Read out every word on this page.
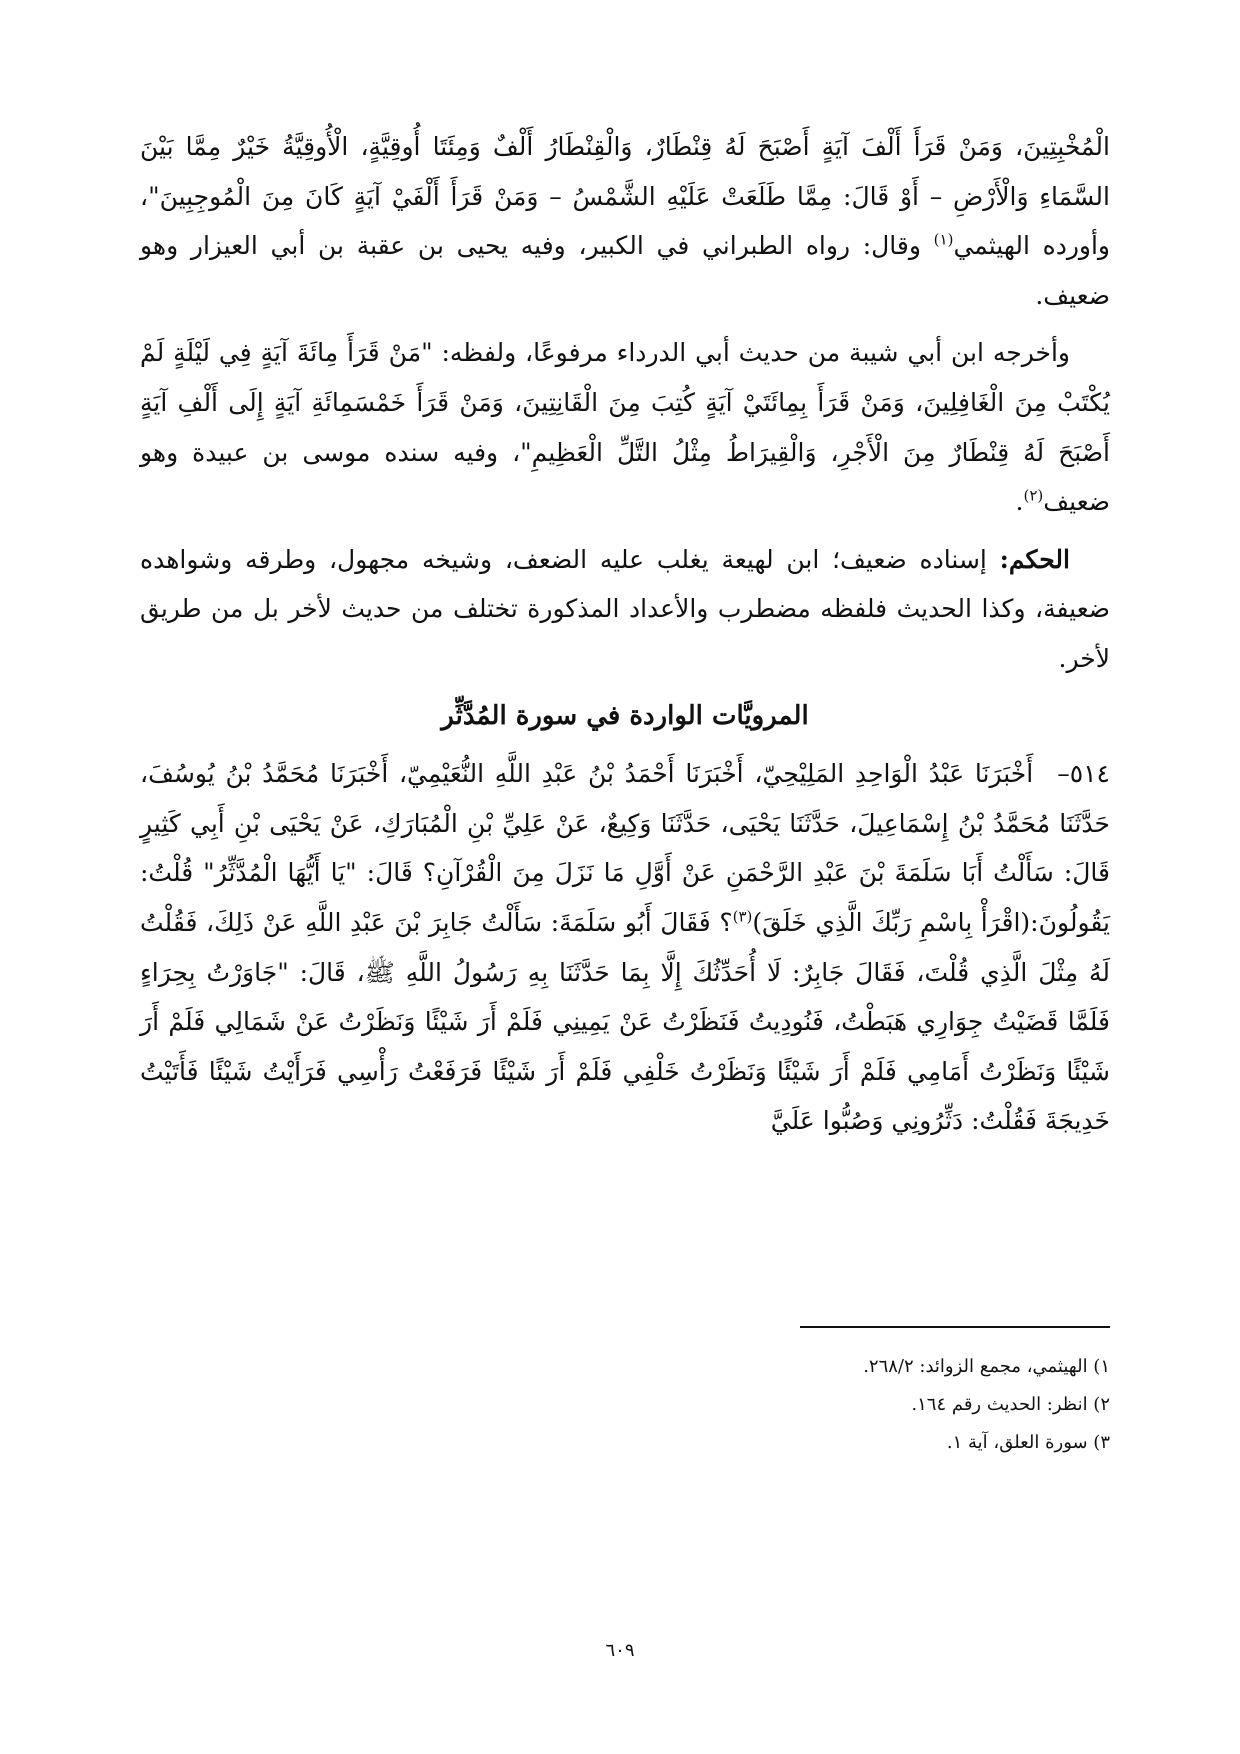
الْمُخْبِتِينَ، وَمَنْ قَرَأَ أَلْفَ آيَةٍ أَصْبَحَ لَهُ قِنْطَارٌ، وَالْقِنْطَارُ أَلْفٌ وَمِئَتَا أُوقِيَّةٍ، الْأُوقِيَّةُ خَيْرٌ مِمَّا بَيْنَ السَّمَاءِ وَالْأَرْضِ – أَوْ قَالَ: مِمَّا طَلَعَتْ عَلَيْهِ الشَّمْسُ – وَمَنْ قَرَأَ أَلْفَيْ آيَةٍ كَانَ مِنَ الْمُوجِبِينَ"، وأورده الهيثمي$^{(١)}$ وقال: رواه الطبراني في الكبير، وفيه يحيى بن عقبة بن أبي العيزار وهو ضعيف.

وأخرجه ابن أبي شيبة من حديث أبي الدرداء مرفوعًا، ولفظه: "مَنْ قَرَأَ مِائَةَ آيَةٍ فِي لَيْلَةٍ لَمْ يُكْتَبْ مِنَ الْغَافِلِينَ، وَمَنْ قَرَأَ بِمِائَتَيْ آيَةٍ كُتِبَ مِنَ الْقَانِتِينَ، وَمَنْ قَرَأَ خَمْسَمِائَةِ آيَةٍ إِلَى أَلْفِ آيَةٍ أَصْبَحَ لَهُ قِنْطَارٌ مِنَ الْأَجْرِ، وَالْقِيرَاطُ مِثْلُ التَّلِّ الْعَظِيمِ"، وفيه سنده موسى بن عبيدة وهو ضعيف$^{(٢)}$.

الحكم: إسناده ضعيف؛ ابن لهيعة يغلب عليه الضعف، وشيخه مجهول، وطرقه وشواهده ضعيفة، وكذا الحديث فلفظه مضطرب والأعداد المذكورة تختلف من حديث لأخر بل من طريق لأخر.

المرويَّات الواردة في سورة المُدَّثِّر

٥١٤–أَخْبَرَنَا عَبْدُ الْوَاحِدِ المَلِيْحِيّ، أَخْبَرَنَا أَحْمَدُ بْنُ عَبْدِ اللَّهِ النُّعَيْمِيّ، أَخْبَرَنَا مُحَمَّدُ بْنُ يُوسُفَ، حَدَّثَنَا مُحَمَّدُ بْنُ إِسْمَاعِيلَ، حَدَّثَنَا يَحْيَى، حَدَّثَنَا وَكِيعٌ، عَنْ عَلِيِّ بْنِ الْمُبَارَكِ، عَنْ يَحْيَى بْنِ أَبِي كَثِيرٍ قَالَ: سَأَلْتُ أَبَا سَلَمَةَ بْنَ عَبْدِ الرَّحْمَنِ عَنْ أَوَّلِ مَا نَزَلَ مِنَ الْقُرْآنِ؟ قَالَ: "يَا أَيُّهَا الْمُدَّثِّرُ" قُلْتُ: يَقُولُونَ:(اقْرَأْ بِاسْمِ رَبِّكَ الَّذِي خَلَقَ)$^{(٣)}$؟ فَقَالَ أَبُو سَلَمَةَ: سَأَلْتُ جَابِرَ بْنَ عَبْدِ اللَّهِ عَنْ ذَلِكَ، فَقُلْتُ لَهُ مِثْلَ الَّذِي قُلْتَ، فَقَالَ جَابِرٌ: لَا أُحَدِّثُكَ إِلَّا بِمَا حَدَّثَنَا بِهِ رَسُولُ اللَّهِ ﷺ، قَالَ: "جَاوَرْتُ بِحِرَاءٍ فَلَمَّا قَضَيْتُ جِوَارِي هَبَطْتُ، فَنُودِيتُ فَنَظَرْتُ عَنْ يَمِينِي فَلَمْ أَرَ شَيْئًا وَنَظَرْتُ عَنْ شَمَالِي فَلَمْ أَرَ شَيْئًا وَنَظَرْتُ أَمَامِي فَلَمْ أَرَ شَيْئًا وَنَظَرْتُ خَلْفِي فَلَمْ أَرَ شَيْئًا فَرَفَعْتُ رَأْسِي فَرَأَيْتُ شَيْئًا فَأَتَيْتُ خَدِيجَةَ فَقُلْتُ: دَثِّرُونِي وَصُبُّوا عَلَيَّ

١) الهيثمي، مجمع الزوائد: ٢٦٨/٢.

٢) انظر: الحديث رقم ١٦٤.

٣) سورة العلق، آية ١.

٦٠٩
